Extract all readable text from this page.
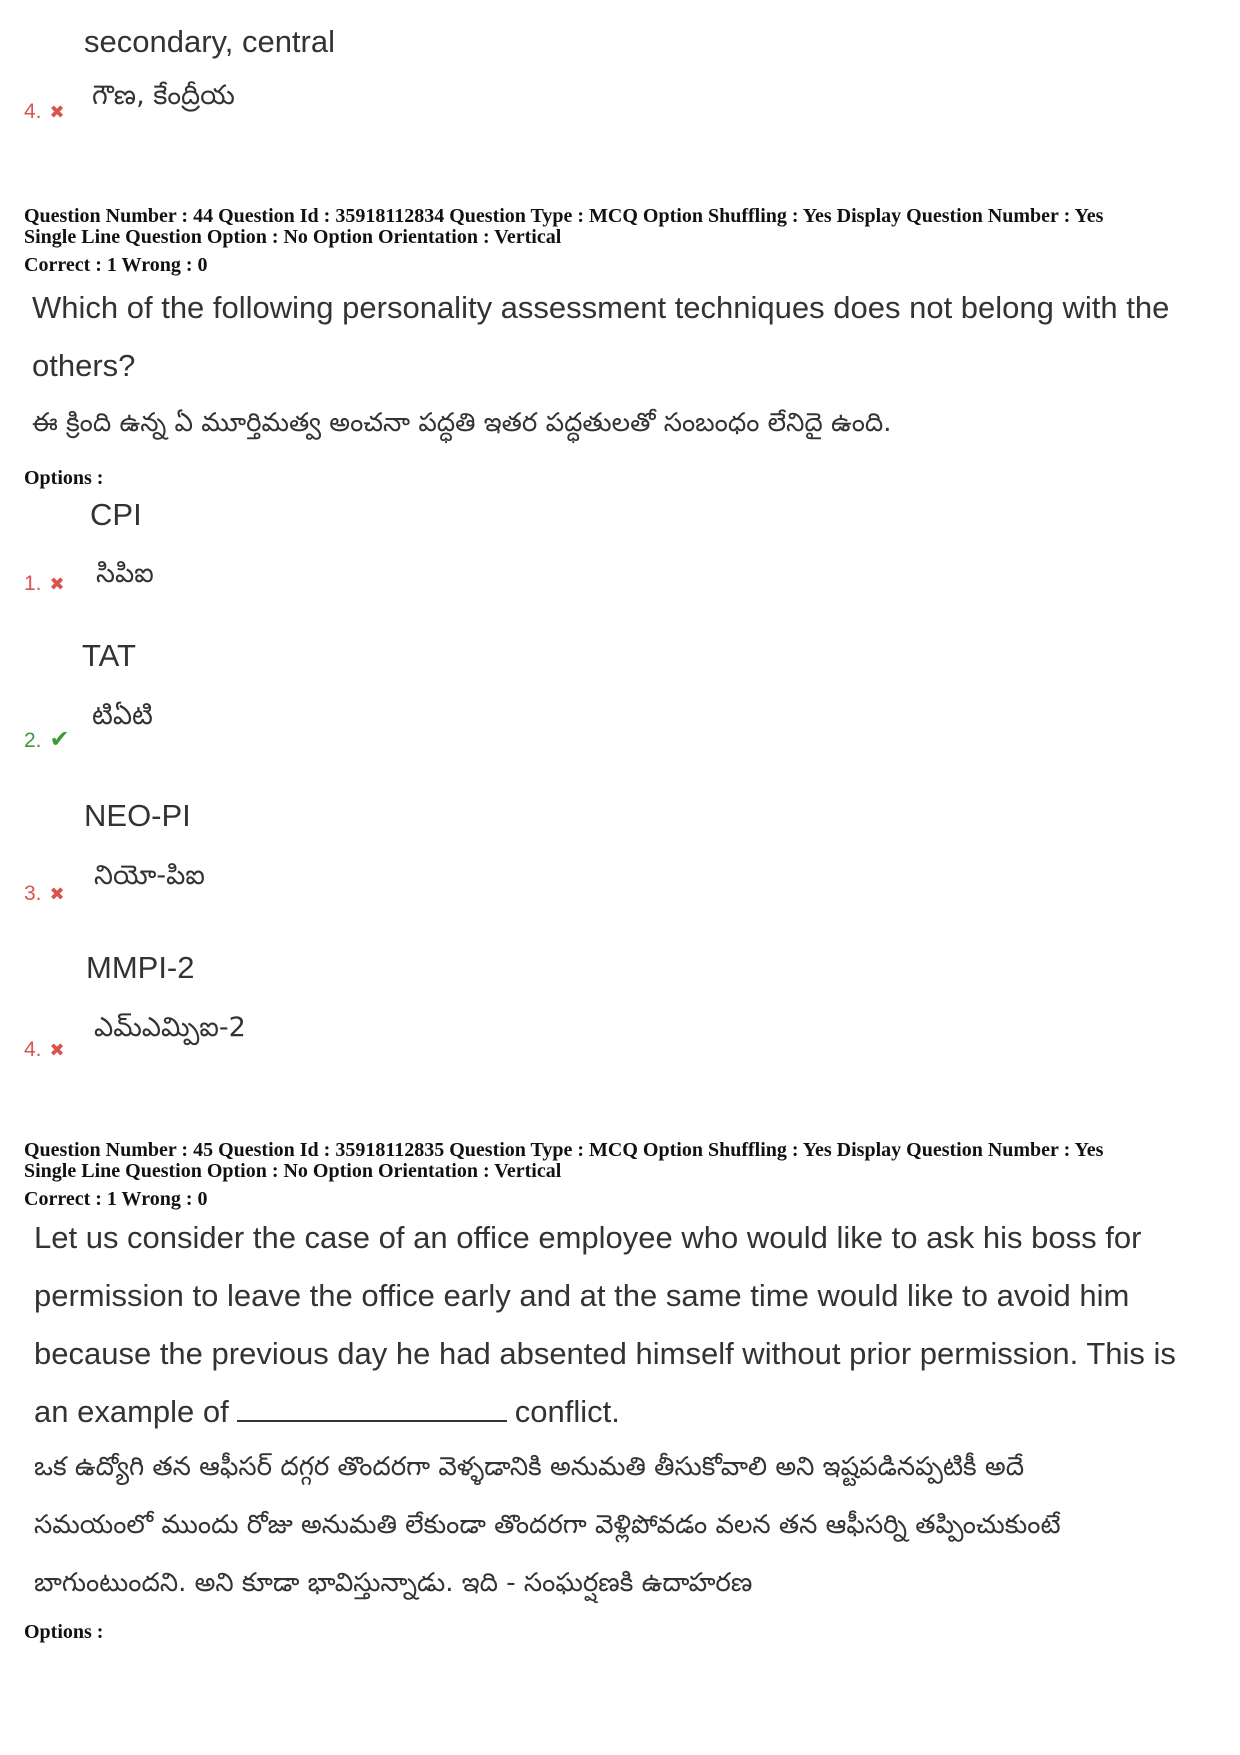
secondary, central
4. ✖
గౌణ, కేంద్రీయ
Question Number : 44 Question Id : 35918112834 Question Type : MCQ Option Shuffling : Yes Display Question Number : Yes
Single Line Question Option : No Option Orientation : Vertical
Correct : 1 Wrong : 0
Which of the following personality assessment techniques does not belong with the
others?
ఈ క్రింది ఉన్న ఏ మూర్తిమత్వ అంచనా పద్ధతి ఇతర పద్ధతులతో సంబంధం లేనిదై ఉంది.
Options :
CPI
1. ✖ సిపిఐ
TAT
2. ✔
టిఏటి
NEO-PI
3. ✖
నియో-పిఐ
MMPI-2
4. ✖
ఎమ్ఎమ్పిఐ-2
Question Number : 45 Question Id : 35918112835 Question Type : MCQ Option Shuffling : Yes Display Question Number : Yes
Single Line Question Option : No Option Orientation : Vertical
Correct : 1 Wrong : 0
Let us consider the case of an office employee who would like to ask his boss for
permission to leave the office early and at the same time would like to avoid him
because the previous day he had absented himself without prior permission. This is
an example of	conflict.
ఒక ఉద్యోగి తన ఆఫీసర్ దగ్గర తొందరగా వెళ్ళడానికి అనుమతి తీసుకోవాలి అని ఇష్టపడినప్పటికీ అదే
సమయంలో ముందు రోజు అనుమతి లేకుండా తొందరగా వెళ్లిపోవడం వలన తన ఆఫీసర్ని తప్పించుకుంటే
బాగుంటుందని. అని కూడా భావిస్తున్నాడు. ఇది - సంఘర్షణకి ఉదాహరణ
Options :
